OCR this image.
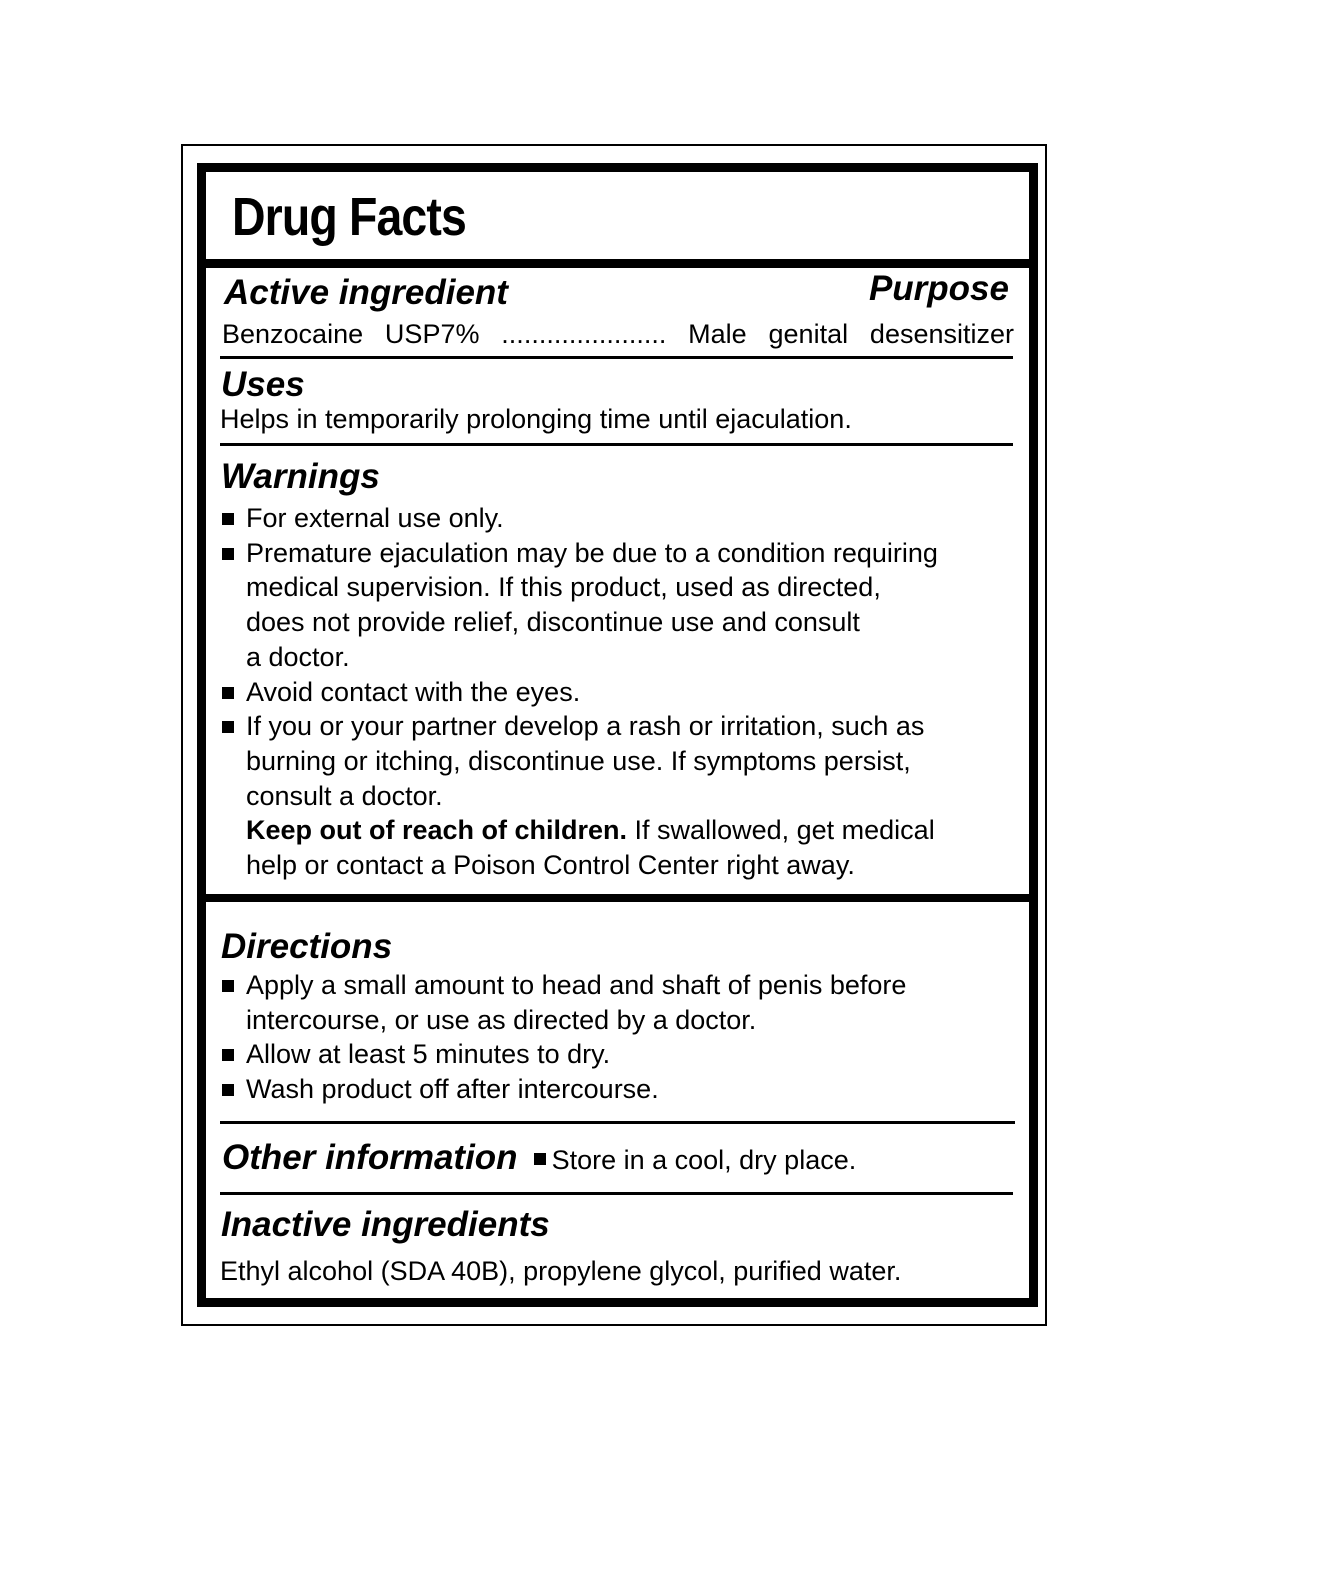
Drug Facts
Active ingredient	Purpose
Benzocaine USP7% ...................... Male genital desensitizer
Uses
Helps in temporarily prolonging time until ejaculation.
Warnings
For external use only.
Premature ejaculation may be due to a condition requiring
medical supervision. If this product, used as directed,
does not provide relief, discontinue use and consult
a doctor.
Avoid contact with the eyes.
If you or your partner develop a rash or irritation, such as
burning or itching, discontinue use. If symptoms persist,
consult a doctor.
Keep out of reach of children. If swallowed, get medical
help or contact a Poison Control Center right away.
Directions
Apply a small amount to head and shaft of penis before
intercourse, or use as directed by a doctor.
Allow at least 5 minutes to dry.
Wash product off after intercourse.
Other information Store in a cool, dry place.
Inactive ingredients
Ethyl alcohol (SDA 40B), propylene glycol, purified water.
